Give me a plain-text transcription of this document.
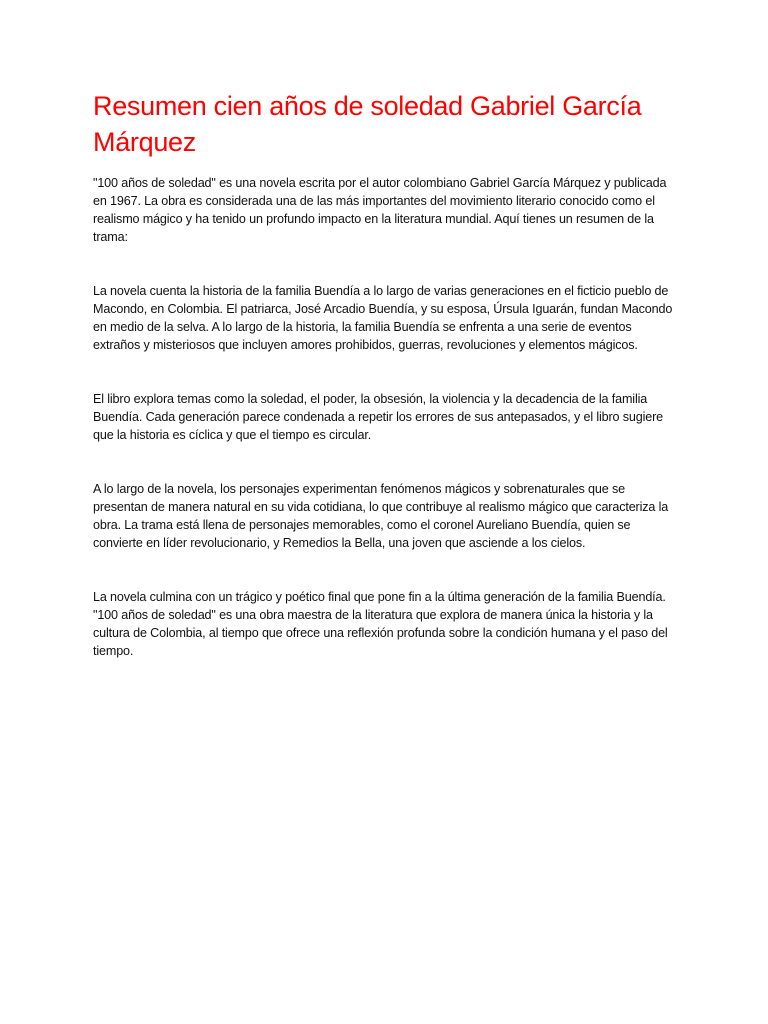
Resumen cien años de soledad Gabriel García Márquez

"100 años de soledad" es una novela escrita por el autor colombiano Gabriel García Márquez y publicada en 1967. La obra es considerada una de las más importantes del movimiento literario conocido como el realismo mágico y ha tenido un profundo impacto en la literatura mundial. Aquí tienes un resumen de la trama:

La novela cuenta la historia de la familia Buendía a lo largo de varias generaciones en el ficticio pueblo de Macondo, en Colombia. El patriarca, José Arcadio Buendía, y su esposa, Úrsula Iguarán, fundan Macondo en medio de la selva. A lo largo de la historia, la familia Buendía se enfrenta a una serie de eventos extraños y misteriosos que incluyen amores prohibidos, guerras, revoluciones y elementos mágicos.

El libro explora temas como la soledad, el poder, la obsesión, la violencia y la decadencia de la familia Buendía. Cada generación parece condenada a repetir los errores de sus antepasados, y el libro sugiere que la historia es cíclica y que el tiempo es circular.

A lo largo de la novela, los personajes experimentan fenómenos mágicos y sobrenaturales que se presentan de manera natural en su vida cotidiana, lo que contribuye al realismo mágico que caracteriza la obra. La trama está llena de personajes memorables, como el coronel Aureliano Buendía, quien se convierte en líder revolucionario, y Remedios la Bella, una joven que asciende a los cielos.

La novela culmina con un trágico y poético final que pone fin a la última generación de la familia Buendía. "100 años de soledad" es una obra maestra de la literatura que explora de manera única la historia y la cultura de Colombia, al tiempo que ofrece una reflexión profunda sobre la condición humana y el paso del tiempo.
